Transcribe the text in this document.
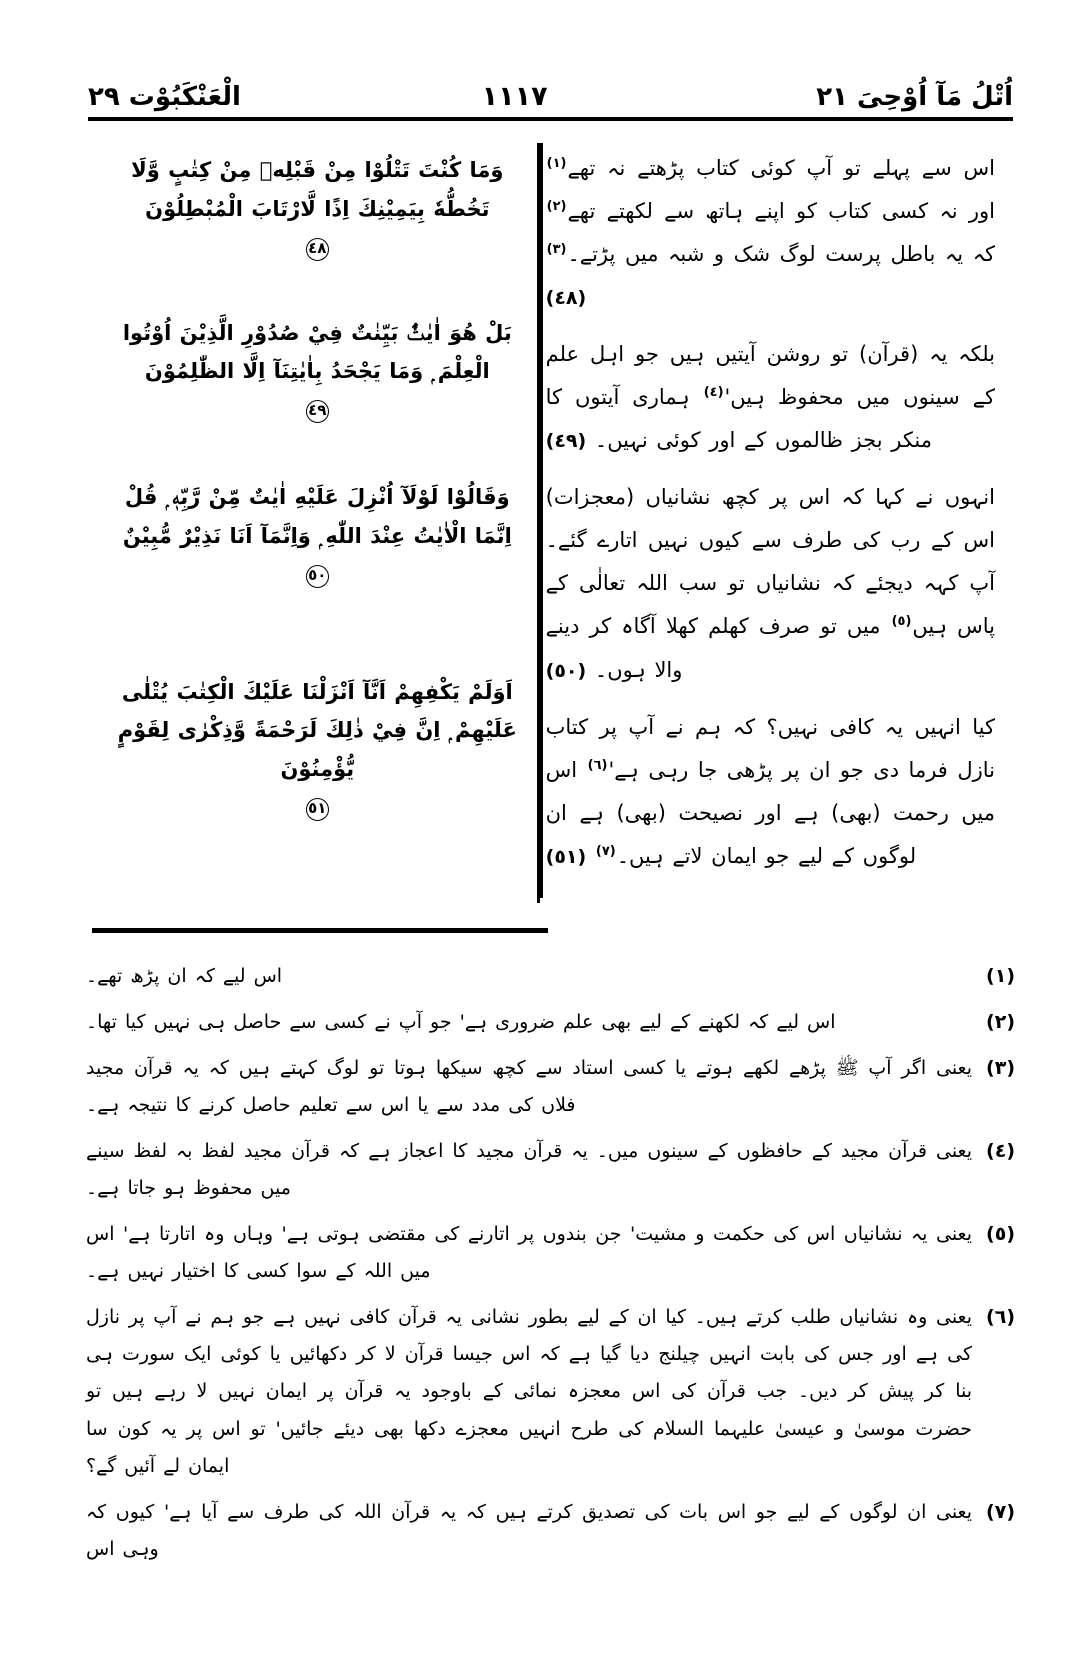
اُتْلُ مَآ اُوْحِیَ ٢١
١١١٧
الْعَنْكَبُوْت ٢٩
وَمَا كُنْتَ تَتْلُوْا مِنْ قَبْلِهٖ مِنْ كِتٰبٍ وَّلَا تَخُطُّهٗ بِيَمِيْنِكَ اِذًا لَّارْتَابَ الْمُبْطِلُوْنَ
٤٨
بَلْ هُوَ اٰيٰتٌۢ بَيِّنٰتٌ فِيْ صُدُوْرِ الَّذِيْنَ اُوْتُوا الْعِلْمَ ۭ وَمَا يَجْحَدُ بِاٰيٰتِنَآ اِلَّا الظّٰلِمُوْنَ
٤٩
وَقَالُوْا لَوْلَآ اُنْزِلَ عَلَيْهِ اٰيٰتٌ مِّنْ رَّبِّهٖ ۭ قُلْ اِنَّمَا الْاٰيٰتُ عِنْدَ اللّٰهِ ۭ وَاِنَّمَآ اَنَا نَذِيْرٌ مُّبِيْنٌ
٥٠
اَوَلَمْ يَكْفِهِمْ اَنَّآ اَنْزَلْنَا عَلَيْكَ الْكِتٰبَ يُتْلٰى عَلَيْهِمْ ۭ اِنَّ فِيْ ذٰلِكَ لَرَحْمَةً وَّذِكْرٰى لِقَوْمٍ يُّؤْمِنُوْنَ
٥١

اس سے پہلے تو آپ کوئی کتاب پڑھتے نہ تھے$^{(١)}$ اور نہ کسی کتاب کو اپنے ہاتھ سے لکھتے تھے$^{(٢)}$ کہ یہ باطل پرست لوگ شک و شبہ میں پڑتے۔$^{(٣)}$ (٤٨)

بلکہ یہ (قرآن) تو روشن آیتیں ہیں جو اہل علم کے سینوں میں محفوظ ہیں'$^{(٤)}$ ہماری آیتوں کا منکر بجز ظالموں کے اور کوئی نہیں۔ (٤٩)

انہوں نے کہا کہ اس پر کچھ نشانیاں (معجزات) اس کے رب کی طرف سے کیوں نہیں اتارے گئے۔ آپ کہہ دیجئے کہ نشانیاں تو سب اللہ تعالٰی کے پاس ہیں$^{(٥)}$ میں تو صرف کھلم کھلا آگاہ کر دینے والا ہوں۔ (٥٠)

کیا انہیں یہ کافی نہیں؟ کہ ہم نے آپ پر کتاب نازل فرما دی جو ان پر پڑھی جا رہی ہے'$^{(٦)}$ اس میں رحمت (بھی) ہے اور نصیحت (بھی) ہے ان لوگوں کے لیے جو ایمان لاتے ہیں۔$^{(٧)}$ (٥١)

(١)
اس لیے کہ ان پڑھ تھے۔
(٢)
اس لیے کہ لکھنے کے لیے بھی علم ضروری ہے' جو آپ نے کسی سے حاصل ہی نہیں کیا تھا۔
(٣)
یعنی اگر آپ ﷺ پڑھے لکھے ہوتے یا کسی استاد سے کچھ سیکھا ہوتا تو لوگ کہتے ہیں کہ یہ قرآن مجید فلاں کی مدد سے یا اس سے تعلیم حاصل کرنے کا نتیجہ ہے۔
(٤)
یعنی قرآن مجید کے حافظوں کے سینوں میں۔ یہ قرآن مجید کا اعجاز ہے کہ قرآن مجید لفظ بہ لفظ سینے میں محفوظ ہو جاتا ہے۔
(٥)
یعنی یہ نشانیاں اس کی حکمت و مشیت' جن بندوں پر اتارنے کی مقتضی ہوتی ہے' وہاں وہ اتارتا ہے' اس میں اللہ کے سوا کسی کا اختیار نہیں ہے۔
(٦)
یعنی وہ نشانیاں طلب کرتے ہیں۔ کیا ان کے لیے بطور نشانی یہ قرآن کافی نہیں ہے جو ہم نے آپ پر نازل کی ہے اور جس کی بابت انہیں چیلنج دیا گیا ہے کہ اس جیسا قرآن لا کر دکھائیں یا کوئی ایک سورت ہی بنا کر پیش کر دیں۔ جب قرآن کی اس معجزہ نمائی کے باوجود یہ قرآن پر ایمان نہیں لا رہے ہیں تو حضرت موسیٰ و عیسیٰ علیہما السلام کی طرح انہیں معجزے دکھا بھی دیئے جائیں' تو اس پر یہ کون سا ایمان لے آئیں گے؟
(٧)
یعنی ان لوگوں کے لیے جو اس بات کی تصدیق کرتے ہیں کہ یہ قرآن اللہ کی طرف سے آیا ہے' کیوں کہ وہی اس
